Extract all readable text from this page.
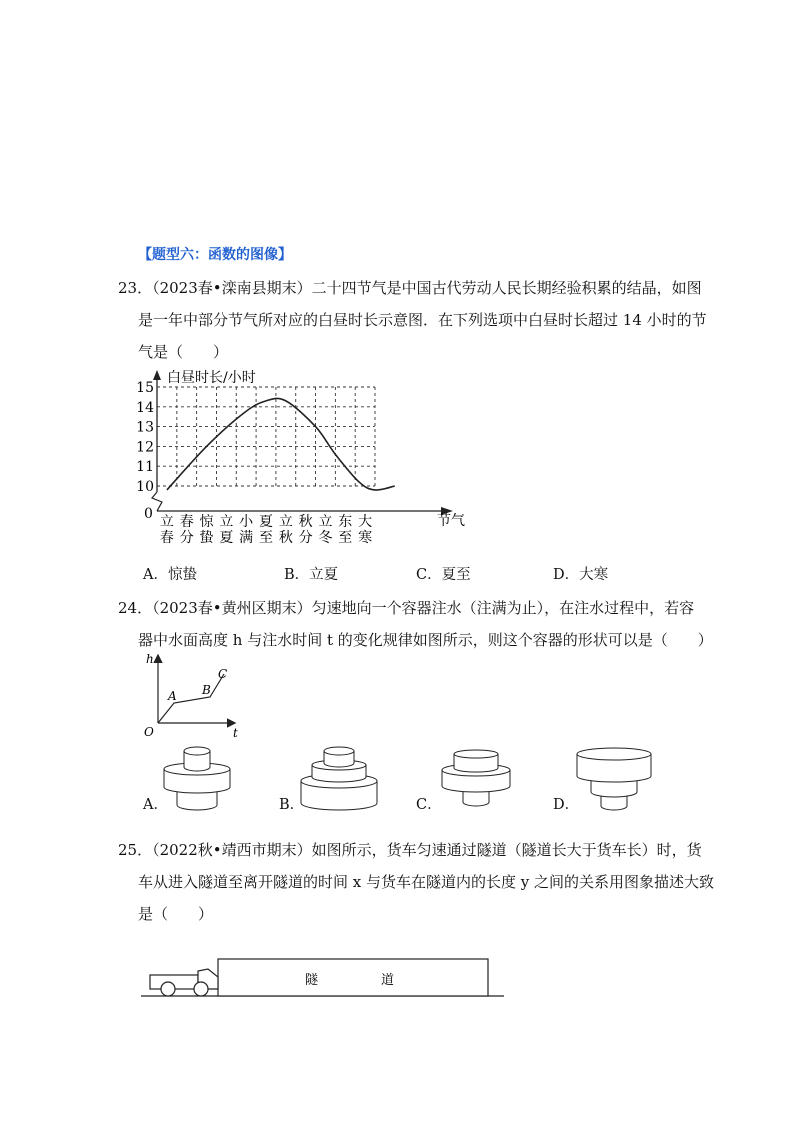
【题型六：函数的图像】
23．（2023春•滦南县期末）二十四节气是中国古代劳动人民长期经验积累的结晶，如图
是一年中部分节气所对应的白昼时长示意图．在下列选项中白昼时长超过 14 小时的节
气是（　　）
10
11
12
13
14
15
立 春 惊 立 小 夏 立 秋 立 东 大
春 分 蛰 夏 满 至 秋 分 冬 至 寒
白昼时长/小时
节气
0
A．惊蛰	B．立夏	C．夏至	D．大寒
24．（2023春•黄州区期末）匀速地向一个容器注水（注满为止），在注水过程中，若容
器中水面高度 h 与注水时间 t 的变化规律如图所示，则这个容器的形状可以是（　　）
h
t
O
A B
C
A．	B．	C．	D．
25．（2022秋•靖西市期末）如图所示，货车匀速通过隧道（隧道长大于货车长）时，货
车从进入隧道至离开隧道的时间 x 与货车在隧道内的长度 y 之间的关系用图象描述大致
是（　　）
隧	道
